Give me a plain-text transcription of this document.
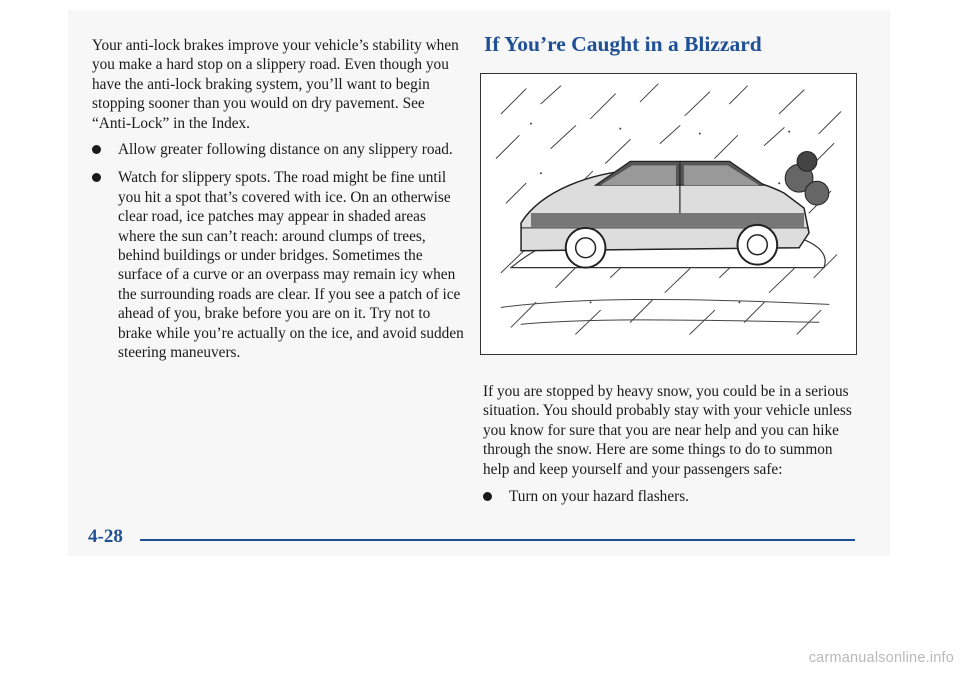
Your anti-lock brakes improve your vehicle’s stability when you make a hard stop on a slippery road. Even though you have the anti-lock braking system, you’ll want to begin stopping sooner than you would on dry pavement. See “Anti-Lock” in the Index.

Allow greater following distance on any slippery road.
Watch for slippery spots. The road might be fine until you hit a spot that’s covered with ice. On an otherwise clear road, ice patches may appear in shaded areas where the sun can’t reach: around clumps of trees, behind buildings or under bridges. Sometimes the surface of a curve or an overpass may remain icy when the surrounding roads are clear. If you see a patch of ice ahead of you, brake before you are on it. Try not to brake while you’re actually on the ice, and avoid sudden steering maneuvers.
If You’re Caught in a Blizzard

If you are stopped by heavy snow, you could be in a serious situation. You should probably stay with your vehicle unless you know for sure that you are near help and you can hike through the snow. Here are some things to do to summon help and keep yourself and your passengers safe:

Turn on your hazard flashers.
4-28
carmanualsonline.info
